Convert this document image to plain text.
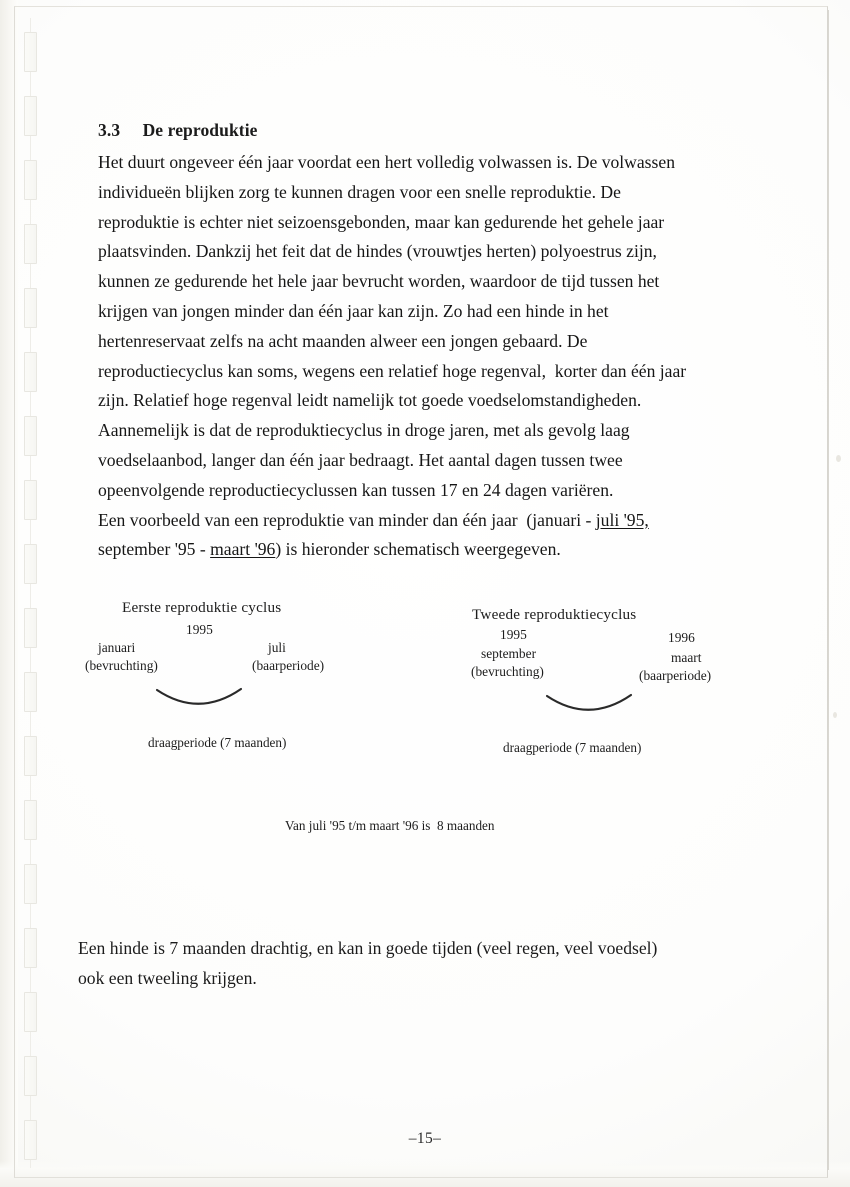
3.3 De reproduktie
Het duurt ongeveer één jaar voordat een hert volledig volwassen is. De volwassen
individueën blijken zorg te kunnen dragen voor een snelle reproduktie. De
reproduktie is echter niet seizoensgebonden, maar kan gedurende het gehele jaar
plaatsvinden. Dankzij het feit dat de hindes (vrouwtjes herten) polyoestrus zijn,
kunnen ze gedurende het hele jaar bevrucht worden, waardoor de tijd tussen het
krijgen van jongen minder dan één jaar kan zijn. Zo had een hinde in het
hertenreservaat zelfs na acht maanden alweer een jongen gebaard. De
reproductiecyclus kan soms, wegens een relatief hoge regenval,  korter dan één jaar
zijn. Relatief hoge regenval leidt namelijk tot goede voedselomstandigheden.
Aannemelijk is dat de reproduktiecyclus in droge jaren, met als gevolg laag
voedselaanbod, langer dan één jaar bedraagt. Het aantal dagen tussen twee
opeenvolgende reproductiecyclussen kan tussen 17 en 24 dagen variëren.
Een voorbeeld van een reproduktie van minder dan één jaar  (januari - juli '95,
september '95 - maart '96) is hieronder schematisch weergegeven.
Eerste reproduktie cyclus
1995
januari
(bevruchting)
juli
(baarperiode)
draagperiode (7 maanden)
Tweede reproduktiecyclus
1995
september
(bevruchting)
1996
maart
(baarperiode)
draagperiode (7 maanden)
Van juli '95 t/m maart '96 is  8 maanden
Een hinde is 7 maanden drachtig, en kan in goede tijden (veel regen, veel voedsel)
ook een tweeling krijgen.
–15–
